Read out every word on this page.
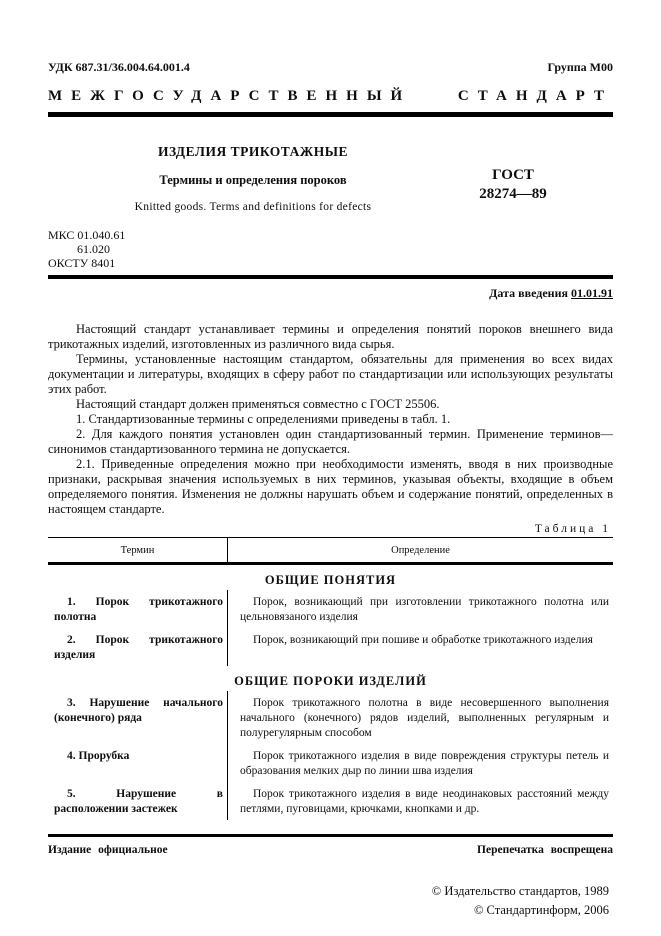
УДК 687.31/36.004.64.001.4	Группа М00
МЕЖГОСУДАРСТВЕННЫЙ	СТАНДАРТ
ИЗДЕЛИЯ ТРИКОТАЖНЫЕ
Термины и определения пороков
Knitted goods. Terms and definitions for defects
ГОСТ
28274—89
МКС 01.040.61
61.020
ОКСТУ 8401
Дата введения 01.01.91

Настоящий стандарт устанавливает термины и определения понятий пороков внешнего вида трикотажных изделий, изготовленных из различного вида сырья.

Термины, установленные настоящим стандартом, обязательны для применения во всех видах документации и литературы, входящих в сферу работ по стандартизации или использующих результаты этих работ.

Настоящий стандарт должен применяться совместно с ГОСТ 25506.

1. Стандартизованные термины с определениями приведены в табл. 1.

2. Для каждого понятия установлен один стандартизованный термин. Применение терминов—синонимов стандартизованного термина не допускается.

2.1. Приведенные определения можно при необходимости изменять, вводя в них производные признаки, раскрывая значения используемых в них терминов, указывая объекты, входящие в объем определяемого понятия. Изменения не должны нарушать объем и содержание понятий, определенных в настоящем стандарте.

Таблица 1
Термин	Определение
ОБЩИЕ ПОНЯТИЯ
1. Порок трикотажного полотна
Порок, возникающий при изготовлении трикотажного полотна или цельновязаного изделия
2. Порок трикотажного изделия
Порок, возникающий при пошиве и обработке трикотажного изделия
ОБЩИЕ ПОРОКИ ИЗДЕЛИЙ
3. Нарушение начального (конечного) ряда
Порок трикотажного полотна в виде несовершенного выполнения начального (конечного) рядов изделий, выполненных регулярным и полурегулярным способом
4. Прорубка	Порок трикотажного изделия в виде повреждения структуры петель и образования мелких дыр по линии шва изделия
5. Нарушение в расположении застежек
Порок трикотажного изделия в виде неодинаковых расстояний между петлями, пуговицами, крючками, кнопками и др.
Издание официальное	Перепечатка воспрещена
© Издательство стандартов, 1989
© Стандартинформ, 2006
